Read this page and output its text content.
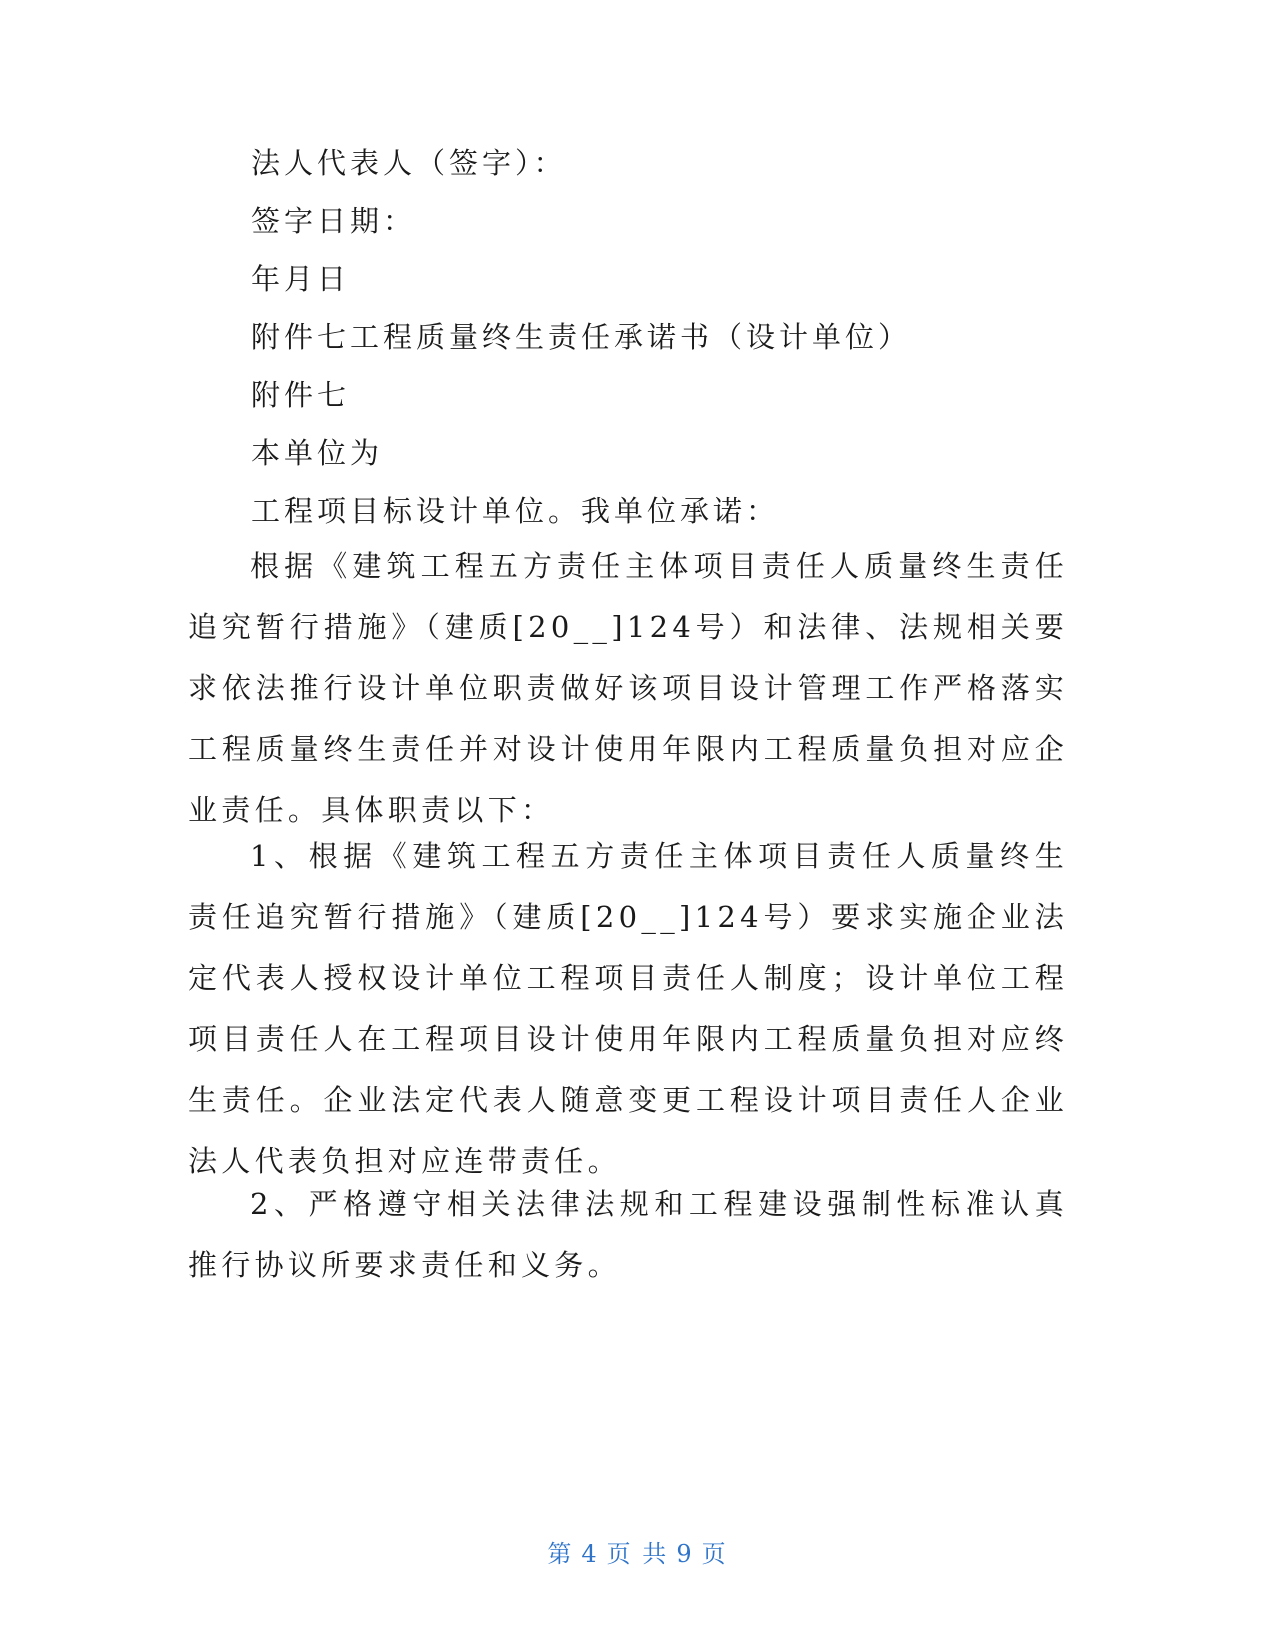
法人代表人（签字）：
签字日期：
年月日
附件七工程质量终生责任承诺书（设计单位）
附件七
本单位为
工程项目标设计单位。我单位承诺：

根据《建筑工程五方责任主体项目责任人质量终生责任追究暂行措施》（建质[20__]124号）和法律、法规相关要求依法推行设计单位职责做好该项目设计管理工作严格落实工程质量终生责任并对设计使用年限内工程质量负担对应企业责任。具体职责以下：

1、根据《建筑工程五方责任主体项目责任人质量终生责任追究暂行措施》（建质[20__]124号）要求实施企业法定代表人授权设计单位工程项目责任人制度；设计单位工程项目责任人在工程项目设计使用年限内工程质量负担对应终生责任。企业法定代表人随意变更工程设计项目责任人企业法人代表负担对应连带责任。

2、严格遵守相关法律法规和工程建设强制性标准认真推行协议所要求责任和义务。

第 4 页 共 9 页
